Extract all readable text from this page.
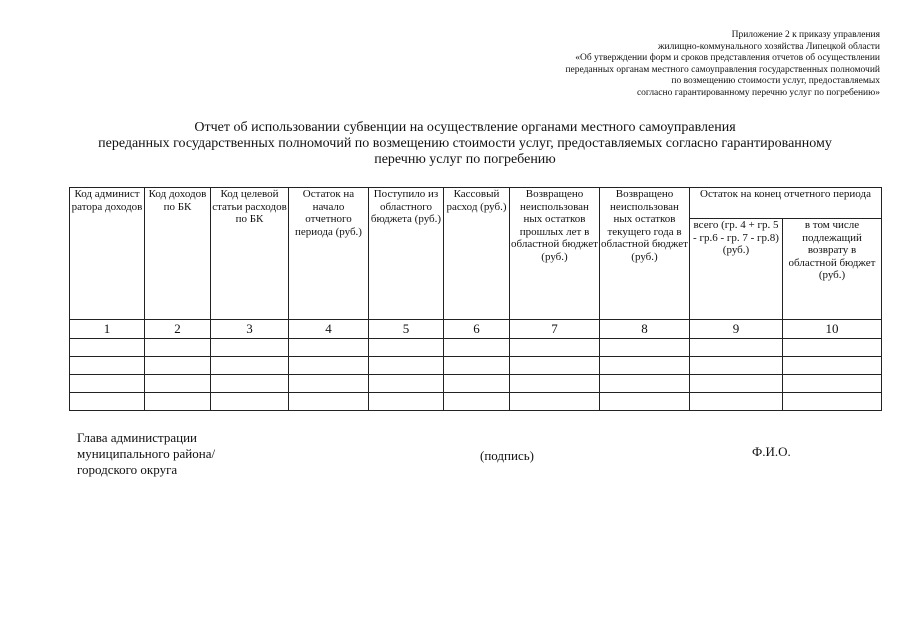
Приложение 2 к приказу управления
жилищно-коммунального хозяйства Липецкой области
«Об утверждении форм и сроков представления отчетов об осуществлении
переданных органам местного самоуправления государственных полномочий
по возмещению стоимости услуг, предоставляемых
согласно гарантированному перечню услуг по погребению»
Отчет об использовании субвенции на осуществление органами местного самоуправления
переданных государственных полномочий по возмещению стоимости услуг, предоставляемых согласно гарантированному
перечню услуг по погребению
Код админист ратора доходов	Код доходов по БК	Код целевой статьи расходов по БК	Остаток на начало отчетного периода (руб.)	Поступило из областного бюджета (руб.)	Кассовый расход (руб.)	Возвращено неиспользован ных остатков прошлых лет в областной бюджет (руб.)	Возвращено неиспользован ных остатков текущего года в областной бюджет (руб.)	Остаток на конец отчетного периода	
								всего (гр. 4 + гр. 5 - гр.6 - гр. 7 - гр.8) (руб.)	в том числе подлежащий возврату в областной бюджет (руб.)
1	2	3	4	5	6	7	8	9	10

Глава администрации
муниципального района/
городского округа
(подпись)	Ф.И.О.
